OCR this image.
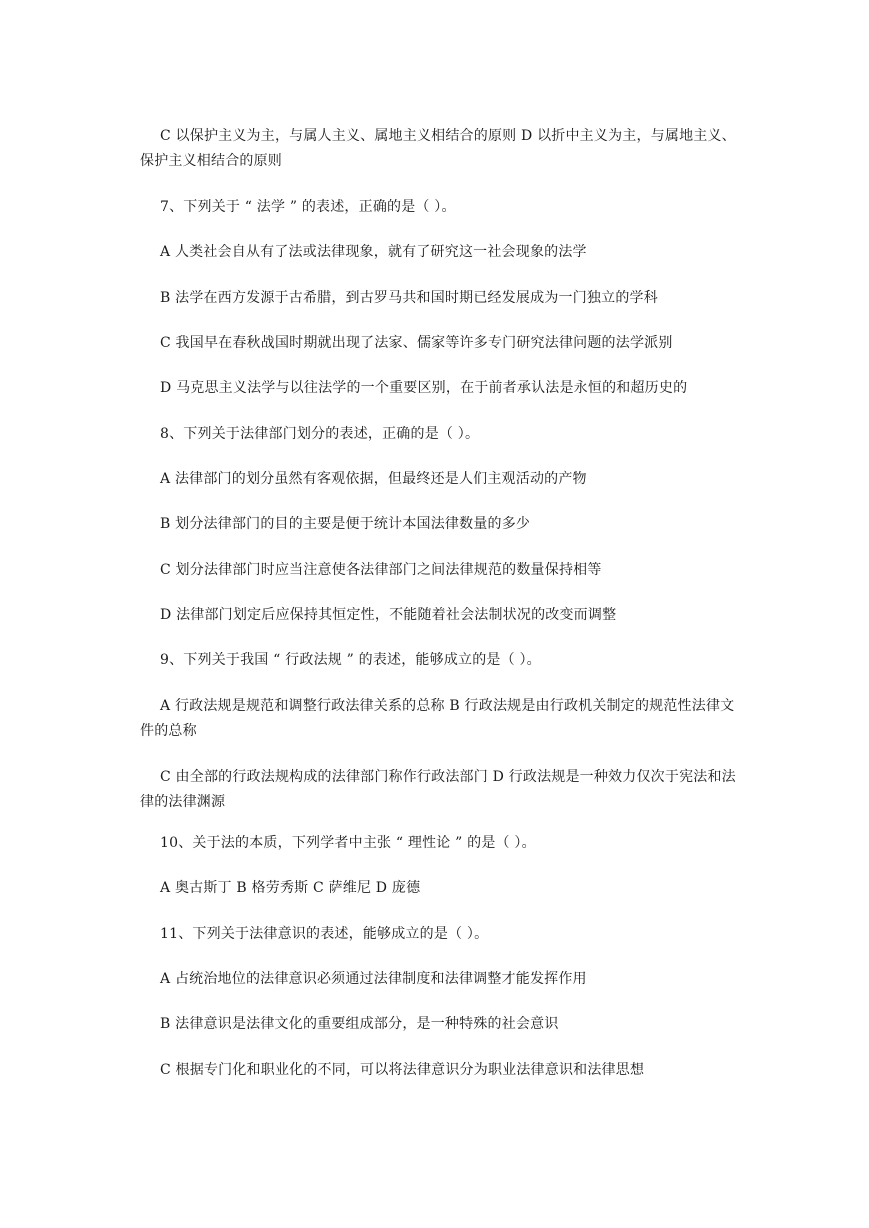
C 以保护主义为主，与属人主义、属地主义相结合的原则 D 以折中主义为主，与属地主义、保护主义相结合的原则

7、下列关于 “ 法学 ” 的表述，正确的是（ ）。

A 人类社会自从有了法或法律现象，就有了研究这一社会现象的法学

B 法学在西方发源于古希腊，到古罗马共和国时期已经发展成为一门独立的学科

C 我国早在春秋战国时期就出现了法家、儒家等许多专门研究法律问题的法学派别

D 马克思主义法学与以往法学的一个重要区别，在于前者承认法是永恒的和超历史的

8、下列关于法律部门划分的表述，正确的是（ ）。

A 法律部门的划分虽然有客观依据，但最终还是人们主观活动的产物

B 划分法律部门的目的主要是便于统计本国法律数量的多少

C 划分法律部门时应当注意使各法律部门之间法律规范的数量保持相等

D 法律部门划定后应保持其恒定性，不能随着社会法制状况的改变而调整

9、下列关于我国 “ 行政法规 ” 的表述，能够成立的是（ ）。

A 行政法规是规范和调整行政法律关系的总称 B 行政法规是由行政机关制定的规范性法律文件的总称

C 由全部的行政法规构成的法律部门称作行政法部门 D 行政法规是一种效力仅次于宪法和法律的法律渊源

10、关于法的本质，下列学者中主张 “ 理性论 ” 的是（ ）。

A 奥古斯丁 B 格劳秀斯 C 萨维尼 D 庞德

11、下列关于法律意识的表述，能够成立的是（ ）。

A 占统治地位的法律意识必须通过法律制度和法律调整才能发挥作用

B 法律意识是法律文化的重要组成部分，是一种特殊的社会意识

C 根据专门化和职业化的不同，可以将法律意识分为职业法律意识和法律思想
